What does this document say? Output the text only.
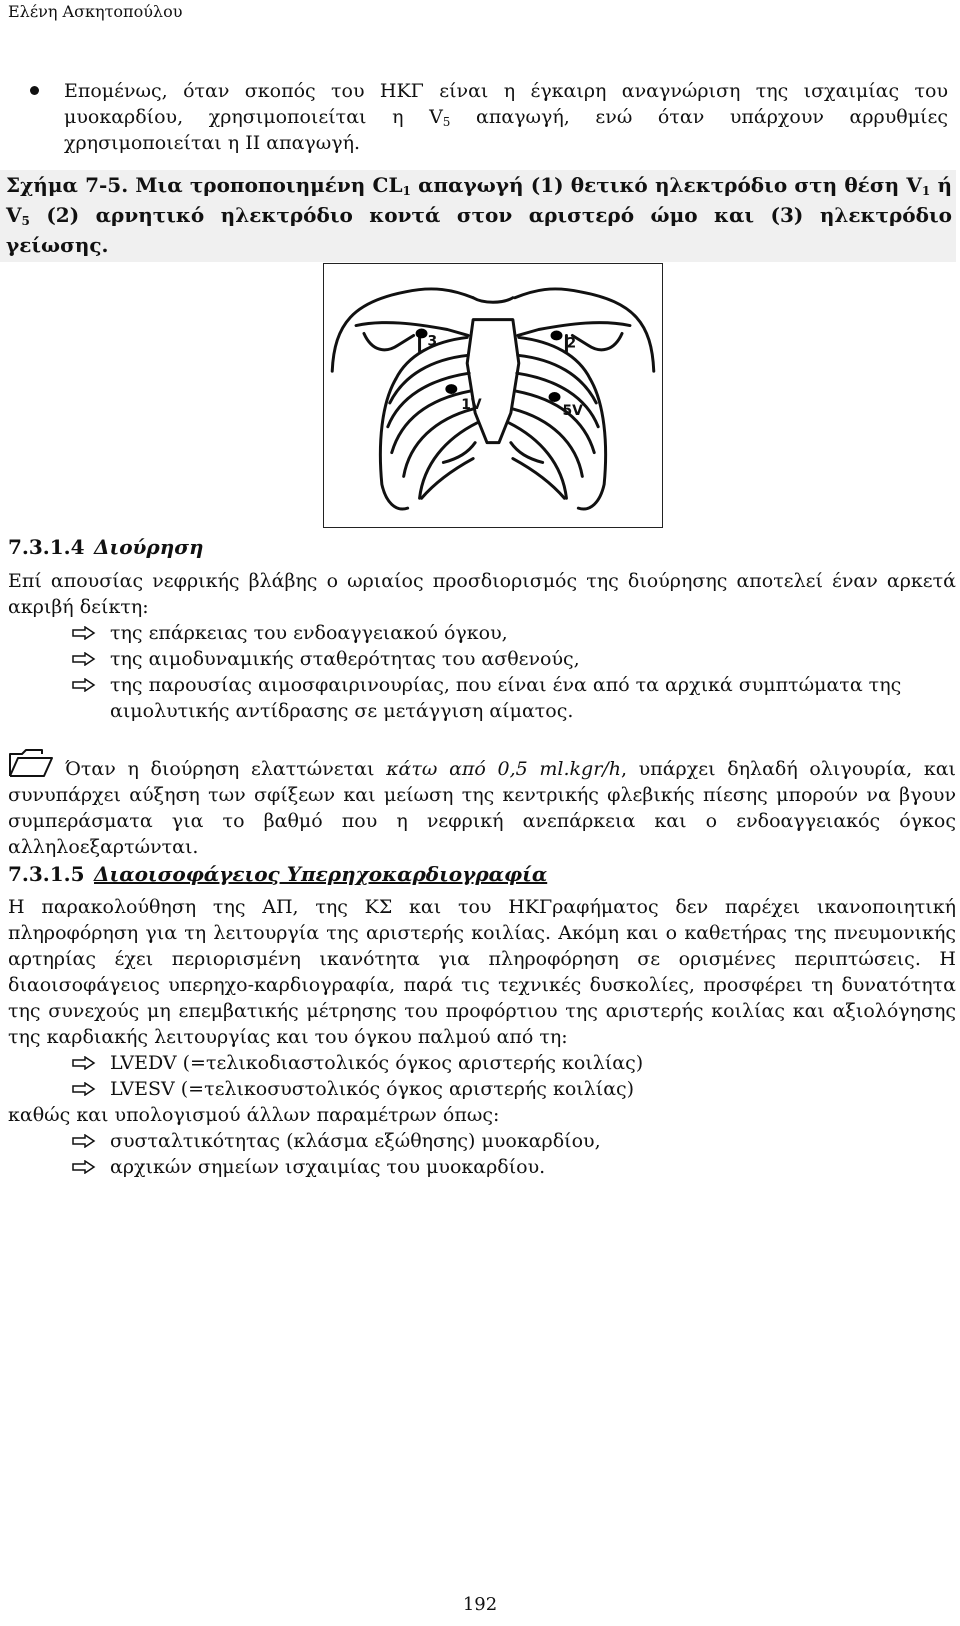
Ελένη Ασκητοπούλου
Επομένως, όταν σκοπός του ΗΚΓ είναι η έγκαιρη αναγνώριση της ισχαιμίας του μυοκαρδίου, χρησιμοποιείται η $V_5$ απαγωγή, ενώ όταν υπάρχουν αρρυθμίες χρησιμοποιείται η ΙΙ απαγωγή.
Σχήμα 7-5. Μια τροποποιημένη $CL_1$ απαγωγή (1) θετικό ηλεκτρόδιο στη θέση $V_1$ ή $V_5$ (2) αρνητικό ηλεκτρόδιο κοντά στον αριστερό ώμο και (3) ηλεκτρόδιο γείωσης.
3	2
1V	5V
7.3.1.4 Διούρηση
Επί απουσίας νεφρικής βλάβης ο ωριαίος προσδιορισμός της διούρησης αποτελεί έναν αρκετά ακριβή δείκτη:
της επάρκειας του ενδοαγγειακού όγκου,
της αιμοδυναμικής σταθερότητας του ασθενούς,
της παρουσίας αιμοσφαιρινουρίας, που είναι ένα από τα αρχικά συμπτώματα της αιμολυτικής αντίδρασης σε μετάγγιση αίματος.
Όταν η διούρηση ελαττώνεται κάτω από 0,5 ml.kgr/h, υπάρχει δηλαδή ολιγουρία, και συνυπάρχει αύξηση των σφίξεων και μείωση της κεντρικής φλεβικής πίεσης μπορούν να βγουν συμπεράσματα για το βαθμό που η νεφρική ανεπάρκεια και ο ενδοαγγειακός όγκος αλληλοεξαρτώνται.
7.3.1.5 Διαοισοφάγειος Υπερηχοκαρδιογραφία
Η παρακολούθηση της ΑΠ, της ΚΣ και του ΗΚΓραφήματος δεν παρέχει ικανοποιητική πληροφόρηση για τη λειτουργία της αριστερής κοιλίας. Ακόμη και ο καθετήρας της πνευμονικής αρτηρίας έχει περιορισμένη ικανότητα για πληροφόρηση σε ορισμένες περιπτώσεις. Η διαοισοφάγειος υπερηχο-καρδιογραφία, παρά τις τεχνικές δυσκολίες, προσφέρει τη δυνατότητα της συνεχούς μη επεμβατικής μέτρησης του προφόρτιου της αριστερής κοιλίας και αξιολόγησης της καρδιακής λειτουργίας και του όγκου παλμού από τη:
LVEDV (=τελικοδιαστολικός όγκος αριστερής κοιλίας)
LVESV (=τελικοσυστολικός όγκος αριστερής κοιλίας)
καθώς και υπολογισμού άλλων παραμέτρων όπως:
συσταλτικότητας (κλάσμα εξώθησης) μυοκαρδίου,
αρχικών σημείων ισχαιμίας του μυοκαρδίου.
192
